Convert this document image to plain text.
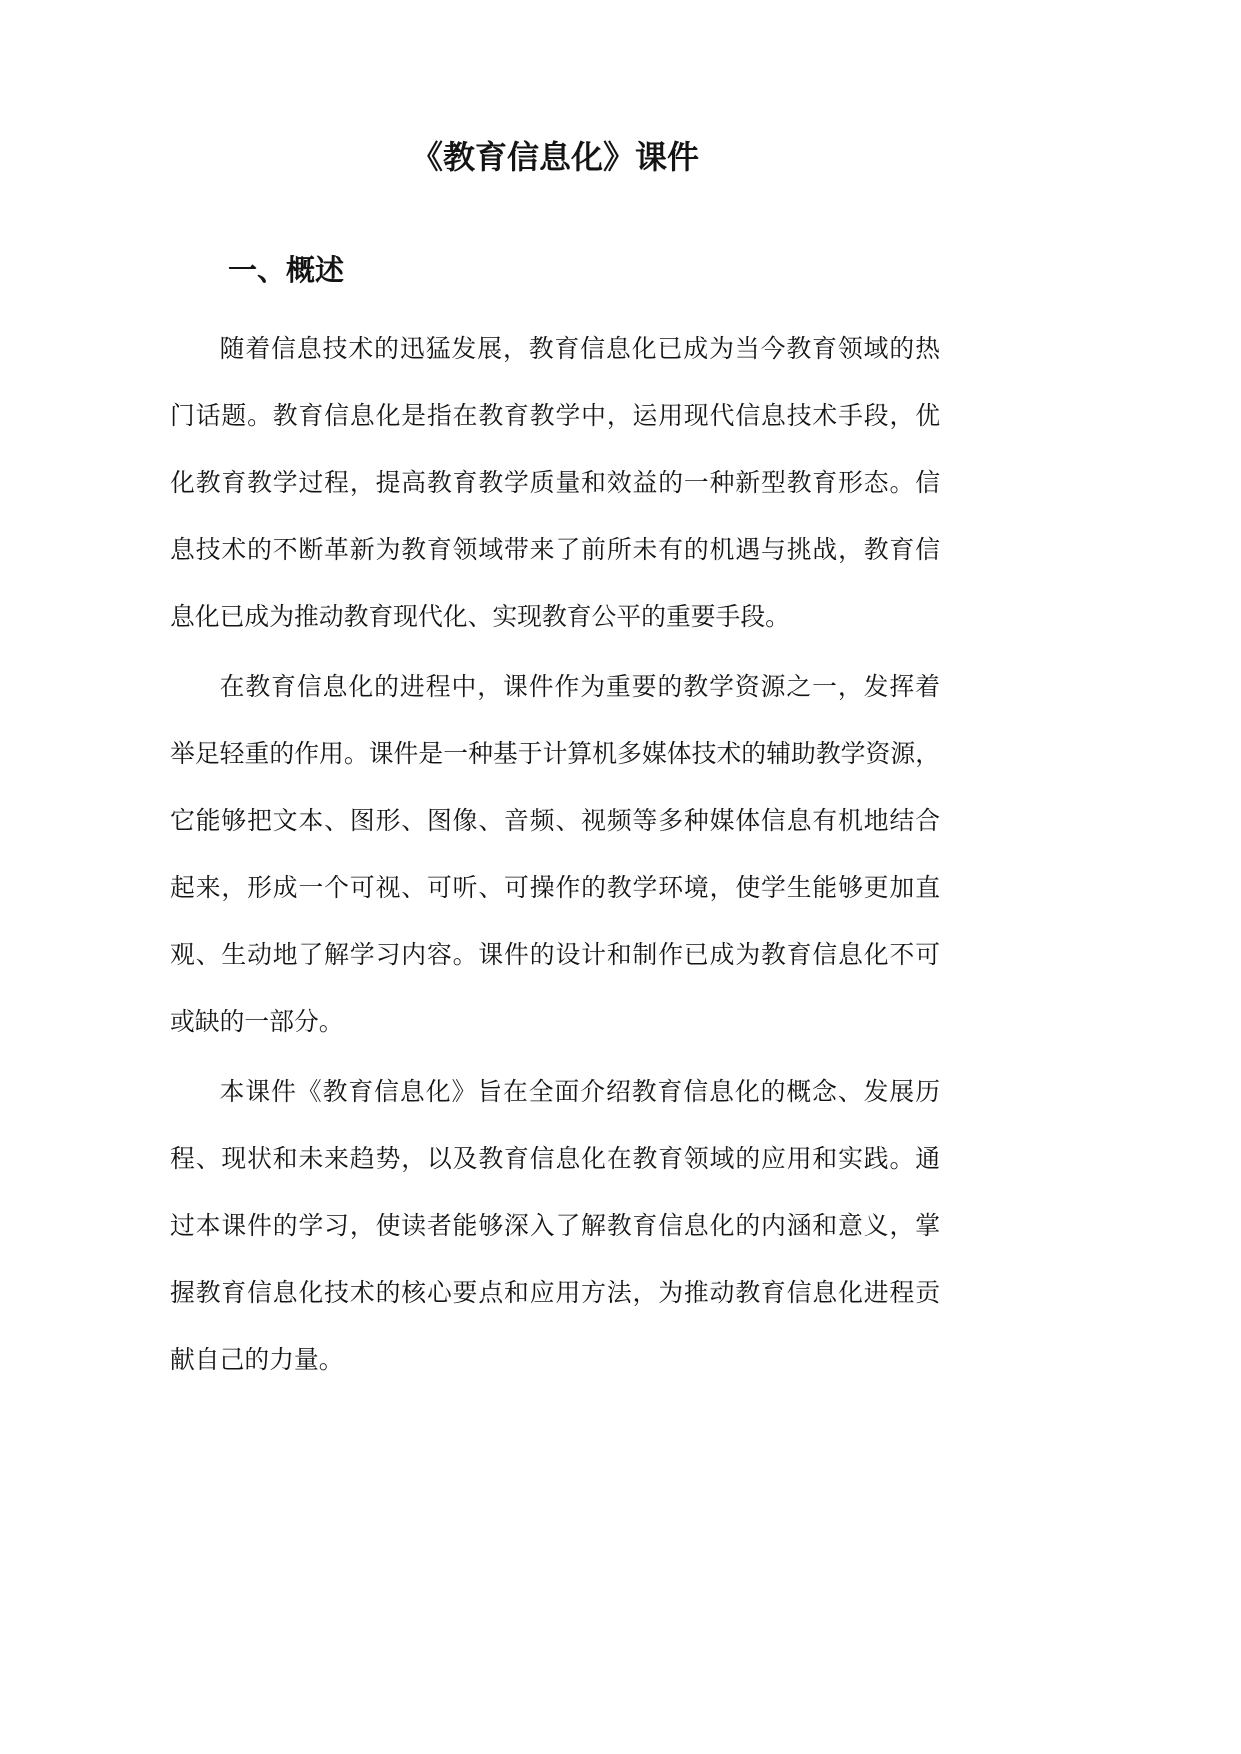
《教育信息化》课件
一、概述
随着信息技术的迅猛发展，教育信息化已成为当今教育领域的热
门话题。教育信息化是指在教育教学中，运用现代信息技术手段，优
化教育教学过程，提高教育教学质量和效益的一种新型教育形态。信
息技术的不断革新为教育领域带来了前所未有的机遇与挑战，教育信
息化已成为推动教育现代化、实现教育公平的重要手段。
在教育信息化的进程中，课件作为重要的教学资源之一，发挥着
举足轻重的作用。课件是一种基于计算机多媒体技术的辅助教学资源，
它能够把文本、图形、图像、音频、视频等多种媒体信息有机地结合
起来，形成一个可视、可听、可操作的教学环境，使学生能够更加直
观、生动地了解学习内容。课件的设计和制作已成为教育信息化不可
或缺的一部分。
本课件《教育信息化》旨在全面介绍教育信息化的概念、发展历
程、现状和未来趋势，以及教育信息化在教育领域的应用和实践。通
过本课件的学习，使读者能够深入了解教育信息化的内涵和意义，掌
握教育信息化技术的核心要点和应用方法，为推动教育信息化进程贡
献自己的力量。
